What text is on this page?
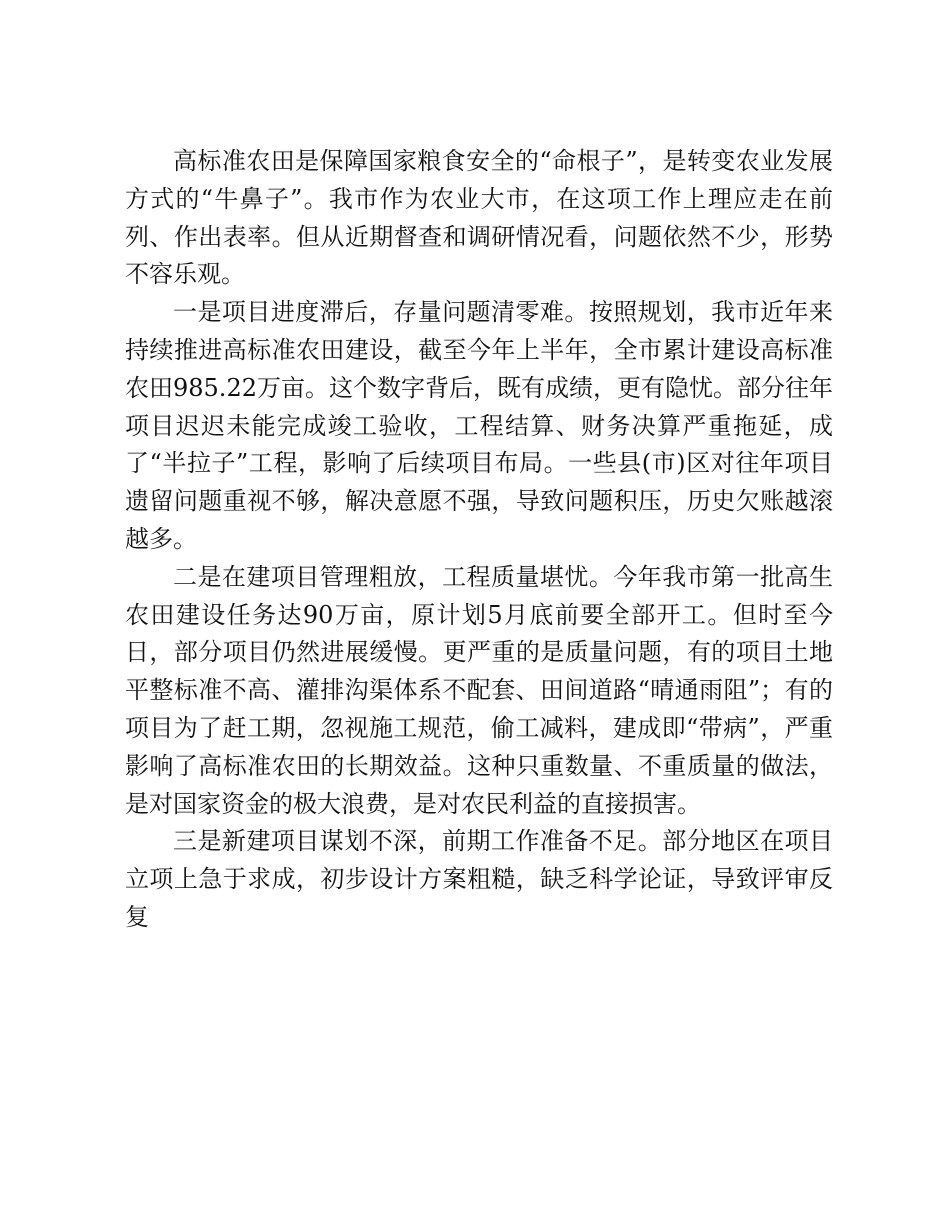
高标准农田是保障国家粮食安全的“命根子”，是转变农业发展方式的“牛鼻子”。我市作为农业大市，在这项工作上理应走在前列、作出表率。但从近期督查和调研情况看，问题依然不少，形势不容乐观。

一是项目进度滞后，存量问题清零难。按照规划，我市近年来持续推进高标准农田建设，截至今年上半年，全市累计建设高标准农田985.22万亩。这个数字背后，既有成绩，更有隐忧。部分往年项目迟迟未能完成竣工验收，工程结算、财务决算严重拖延，成了“半拉子”工程，影响了后续项目布局。一些县(市)区对往年项目遗留问题重视不够，解决意愿不强，导致问题积压，历史欠账越滚越多。

二是在建项目管理粗放，工程质量堪忧。今年我市第一批高生农田建设任务达90万亩，原计划5月底前要全部开工。但时至今日，部分项目仍然进展缓慢。更严重的是质量问题，有的项目土地平整标准不高、灌排沟渠体系不配套、田间道路“晴通雨阻”；有的项目为了赶工期，忽视施工规范，偷工减料，建成即“带病”，严重影响了高标准农田的长期效益。这种只重数量、不重质量的做法，是对国家资金的极大浪费，是对农民利益的直接损害。

三是新建项目谋划不深，前期工作准备不足。部分地区在项目立项上急于求成，初步设计方案粗糙，缺乏科学论证，导致评审反复
